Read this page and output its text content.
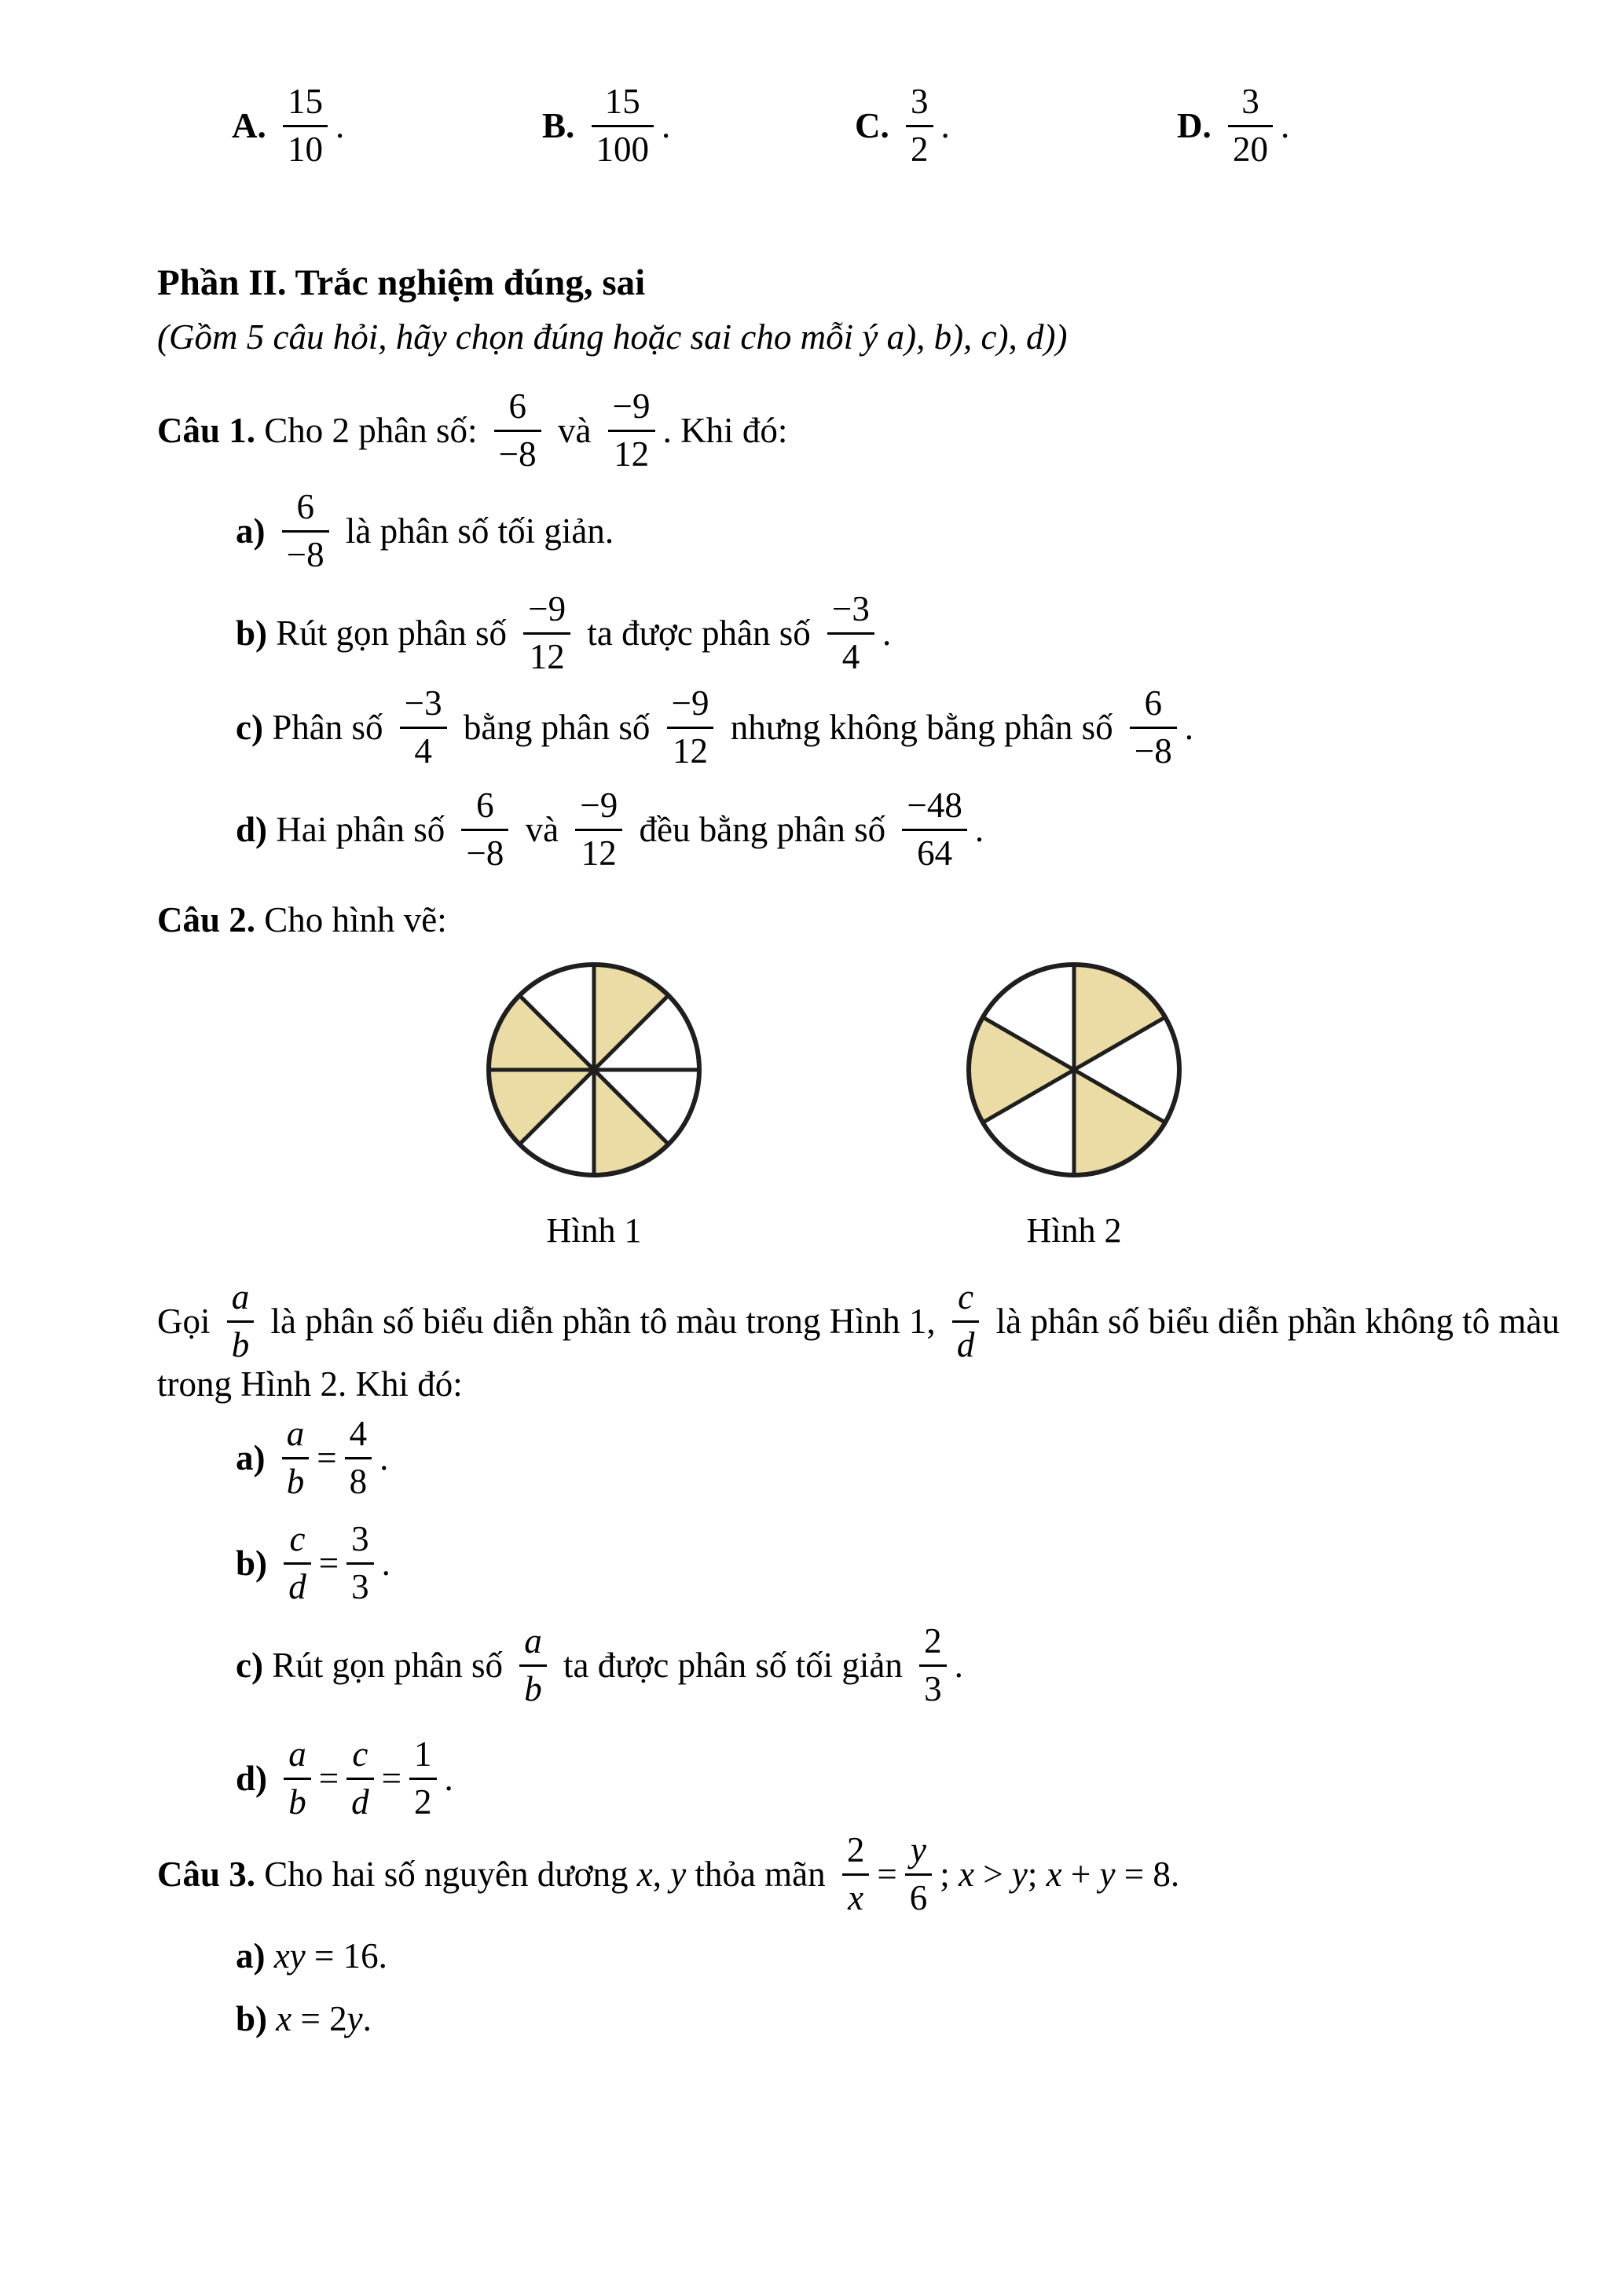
A. $\frac{15}{10}$ .	B. $\frac{15}{100}$ .	C. $\frac{3}{2}$ .	D. $\frac{3}{20}$ .
Phần II. Trắc nghiệm đúng, sai
(Gồm 5 câu hỏi, hãy chọn đúng hoặc sai cho mỗi ý a), b), c), d))
Câu 1. Cho 2 phân số: $\frac{6}{-8}$ và $\frac{-9}{12}$ . Khi đó:
$a) \frac{6}{-8}$ là phân số tối giản.
b) Rút gọn phân số $\frac{-9}{12}$ ta được phân số $\frac{-3}{4}$ .
c) Phân số $\frac{-3}{4}$ bằng phân số $\frac{-9}{12}$ nhưng không bằng phân số $\frac{6}{-8}$ .
d) Hai phân số $\frac{6}{-8}$ và $\frac{-9}{12}$ đều bằng phân số $\frac{-48}{64}$ .
Câu 2. Cho hình vẽ:
Hình 1	Hình 2
Gọi $\frac{a}{b}$ là phân số biểu diễn phần tô màu trong Hình 1, $\frac{c}{d}$ là phân số biểu diễn phần không tô màu
trong Hình 2. Khi đó:
$a) \frac{a}{b} = \frac{4}{8}$ .
$b) \frac{c}{d} = \frac{3}{3}$ .
c) Rút gọn phân số $\frac{a}{b}$ ta được phân số tối giản $\frac{2}{3}$ .
$d) \frac{a}{b} = \frac{c}{d} = \frac{1}{2}$ .
Câu 3. Cho hai số nguyên dương x , y thỏa mãn $\frac{2}{x} = \frac{y}{6}$ ; x > y ; x + y = 8.
a) xy = 16.
b) x = 2 y .
